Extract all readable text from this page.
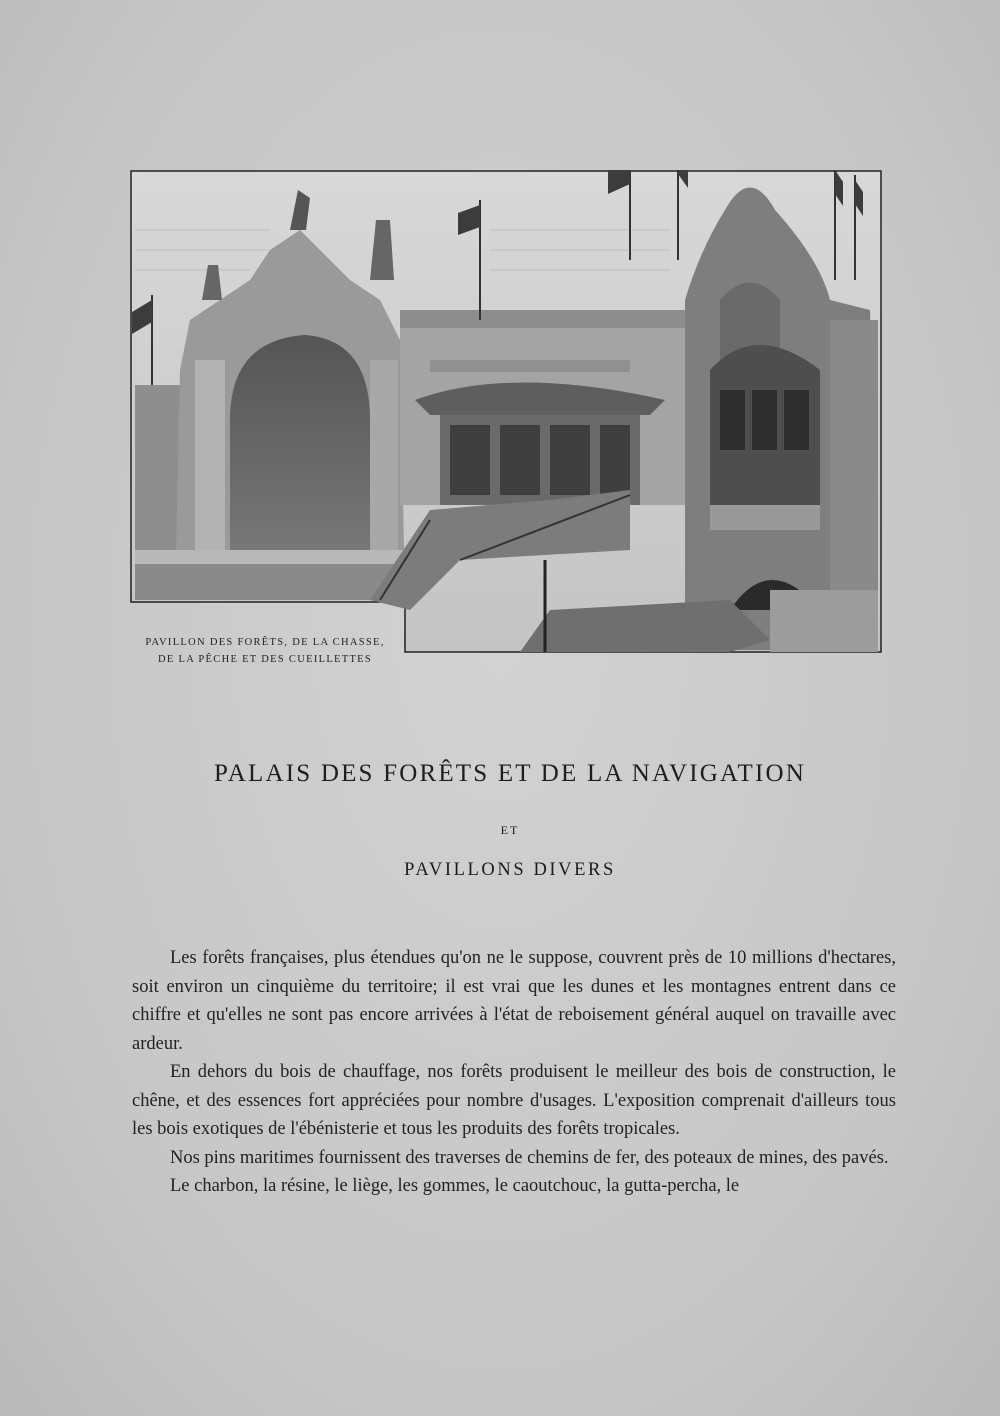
PAVILLON DES FORÊTS, DE LA CHASSE,
DE LA PÊCHE ET DES CUEILLETTES
PALAIS DES FORÊTS ET DE LA NAVIGATION
ET
PAVILLONS DIVERS

Les forêts françaises, plus étendues qu'on ne le suppose, couvrent près de 10 millions d'hectares, soit environ un cinquième du territoire; il est vrai que les dunes et les montagnes entrent dans ce chiffre et qu'elles ne sont pas encore arrivées à l'état de reboisement général auquel on travaille avec ardeur.

En dehors du bois de chauffage, nos forêts produisent le meilleur des bois de construction, le chêne, et des essences fort appréciées pour nombre d'usages. L'exposition comprenait d'ailleurs tous les bois exotiques de l'ébénisterie et tous les produits des forêts tropicales.

Nos pins maritimes fournissent des traverses de chemins de fer, des poteaux de mines, des pavés.

Le charbon, la résine, le liège, les gommes, le caoutchouc, la gutta-percha, le
